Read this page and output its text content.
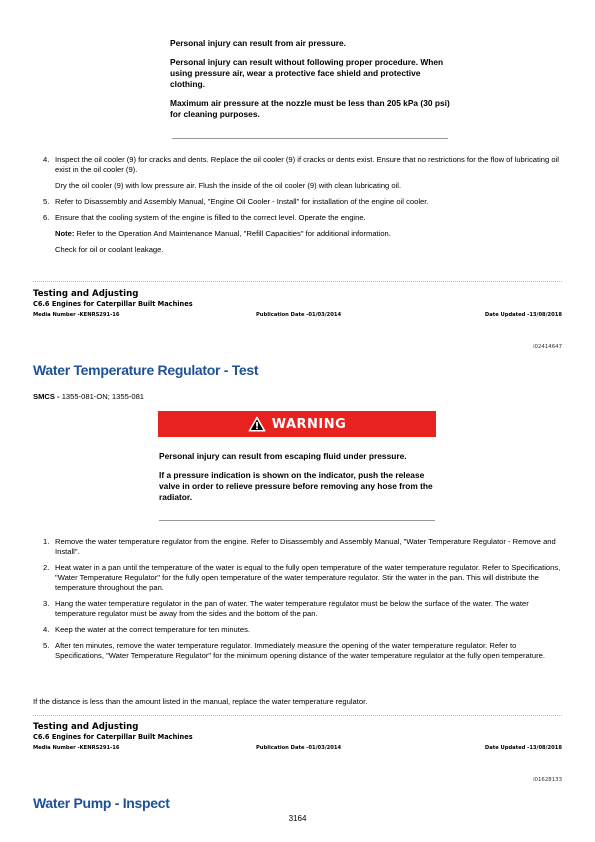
Personal injury can result from air pressure.

Personal injury can result without following proper procedure. When using pressure air, wear a protective face shield and protective clothing.

Maximum air pressure at the nozzle must be less than 205 kPa (30 psi) for cleaning purposes.

4. Inspect the oil cooler (9) for cracks and dents. Replace the oil cooler (9) if cracks or dents exist. Ensure that no restrictions for the flow of lubricating oil exist in the oil cooler (9).

Dry the oil cooler (9) with low pressure air. Flush the inside of the oil cooler (9) with clean lubricating oil.

5. Refer to Disassembly and Assembly Manual, "Engine Oil Cooler - Install" for installation of the engine oil cooler.

6. Ensure that the cooling system of the engine is filled to the correct level. Operate the engine.

Note: Refer to the Operation And Maintenance Manual, "Refill Capacities" for additional information.

Check for oil or coolant leakage.

Testing and Adjusting
C6.6 Engines for Caterpillar Built Machines
Media Number -KENRS291-16	Publication Date -01/03/2014	Date Updated -13/08/2018
i02414647
Water Temperature Regulator - Test
SMCS - 1355-081-ON; 1355-081
WARNING

Personal injury can result from escaping fluid under pressure.

If a pressure indication is shown on the indicator, push the release valve in order to relieve pressure before removing any hose from the radiator.

1. Remove the water temperature regulator from the engine. Refer to Disassembly and Assembly Manual, "Water Temperature Regulator - Remove and Install".

2. Heat water in a pan until the temperature of the water is equal to the fully open temperature of the water temperature regulator. Refer to Specifications, "Water Temperature Regulator" for the fully open temperature of the water temperature regulator. Stir the water in the pan. This will distribute the temperature throughout the pan.

3. Hang the water temperature regulator in the pan of water. The water temperature regulator must be below the surface of the water. The water temperature regulator must be away from the sides and the bottom of the pan.

4. Keep the water at the correct temperature for ten minutes.

5. After ten minutes, remove the water temperature regulator. Immediately measure the opening of the water temperature regulator. Refer to Specifications, "Water Temperature Regulator" for the minimum opening distance of the water temperature regulator at the fully open temperature.

If the distance is less than the amount listed in the manual, replace the water temperature regulator.
Testing and Adjusting
C6.6 Engines for Caterpillar Built Machines
Media Number -KENRS291-16	Publication Date -01/03/2014	Date Updated -13/08/2018
i01628133
Water Pump - Inspect
3164
